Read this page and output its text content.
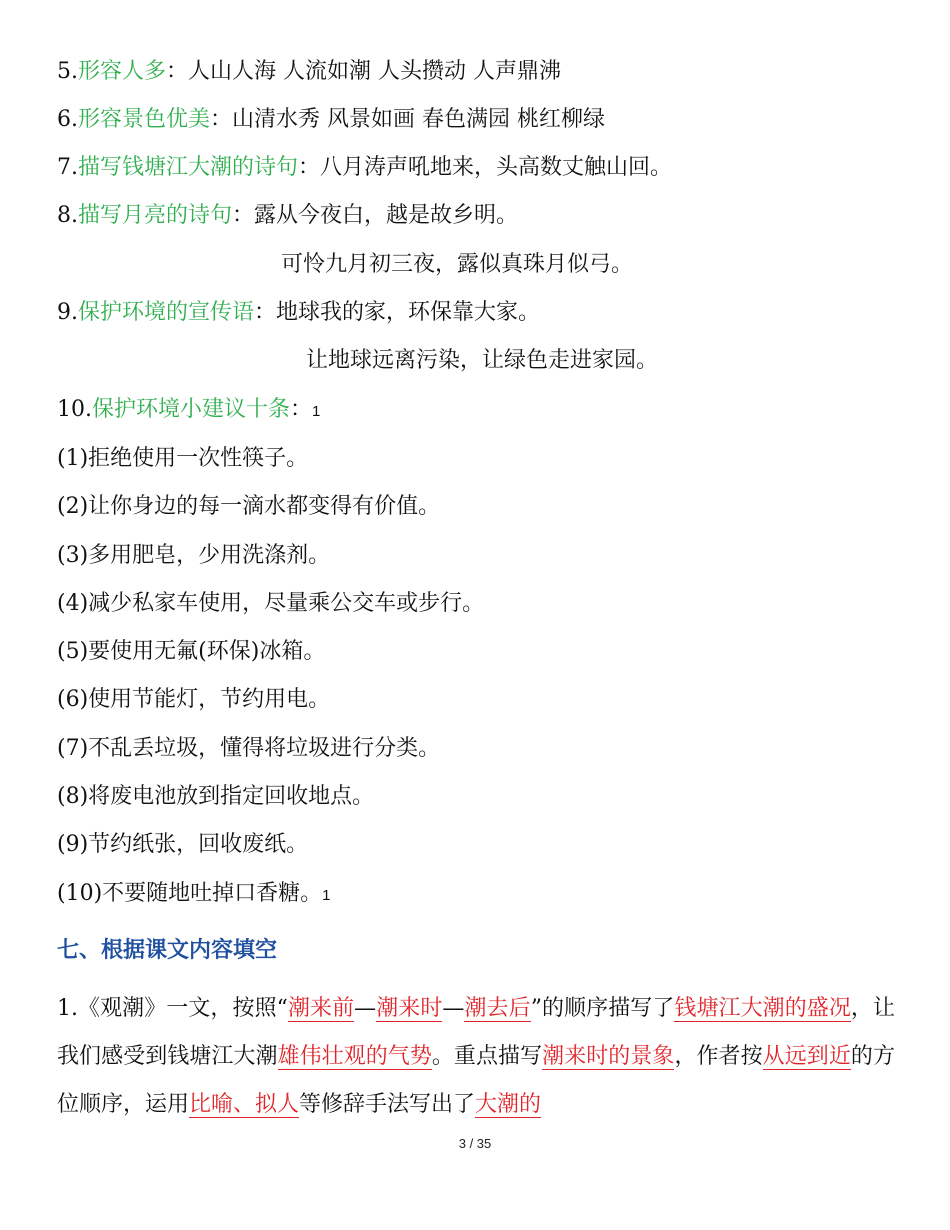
5.形容人多：人山人海 人流如潮 人头攒动 人声鼎沸
6.形容景色优美：山清水秀 风景如画 春色满园 桃红柳绿
7.描写钱塘江大潮的诗句：八月涛声吼地来，头高数丈触山回。
8.描写月亮的诗句：露从今夜白，越是故乡明。
可怜九月初三夜，露似真珠月似弓。
9.保护环境的宣传语：地球我的家，环保靠大家。
让地球远离污染，让绿色走进家园。
10.保护环境小建议十条：1
(1)拒绝使用一次性筷子。
(2)让你身边的每一滴水都变得有价值。
(3)多用肥皂，少用洗涤剂。
(4)减少私家车使用，尽量乘公交车或步行。
(5)要使用无氟(环保)冰箱。
(6)使用节能灯，节约用电。
(7)不乱丢垃圾，懂得将垃圾进行分类。
(8)将废电池放到指定回收地点。
(9)节约纸张，回收废纸。
(10)不要随地吐掉口香糖。1
七、根据课文内容填空
1.《观潮》一文，按照“潮来前—潮来时—潮去后”的顺序描写了钱塘江大潮的盛况，让我们感受到钱塘江大潮雄伟壮观的气势。重点描写潮来时的景象，作者按从远到近的方位顺序，运用比喻、拟人等修辞手法写出了大潮的
3 / 35
